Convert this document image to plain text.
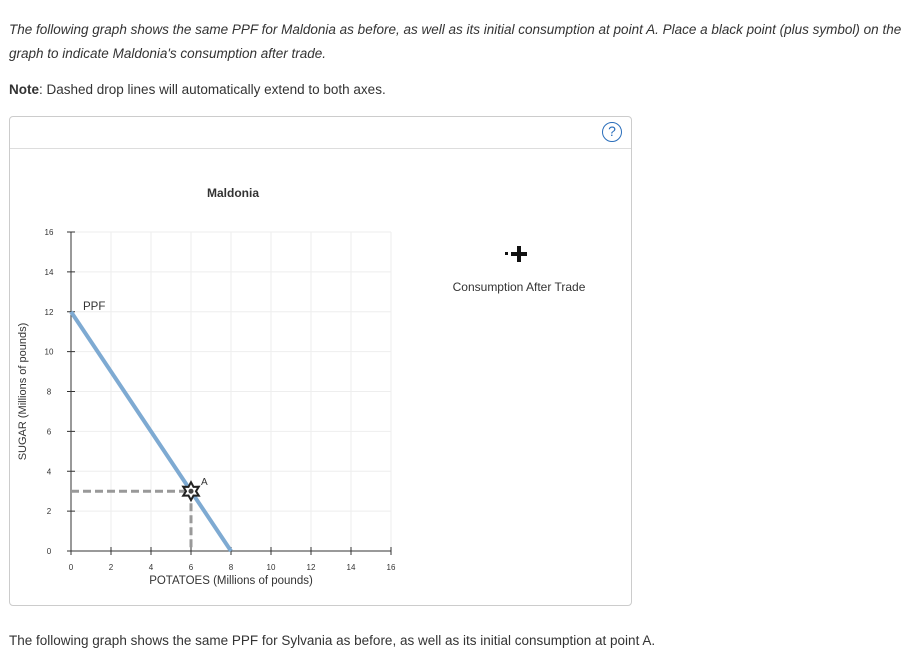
The following graph shows the same PPF for Maldonia as before, as well as its initial consumption at point A. Place a black point (plus symbol) on the graph to indicate Maldonia's consumption after trade.

Note: Dashed drop lines will automatically extend to both axes.

?
0	2	4	6	8	10	12	14	16
0
2
4
6
8
10
12
14
16
POTATOES (Millions of pounds)
SUGAR (Millions of pounds)
Maldonia
PPF
A
Consumption After Trade

The following graph shows the same PPF for Sylvania as before, as well as its initial consumption at point A.
